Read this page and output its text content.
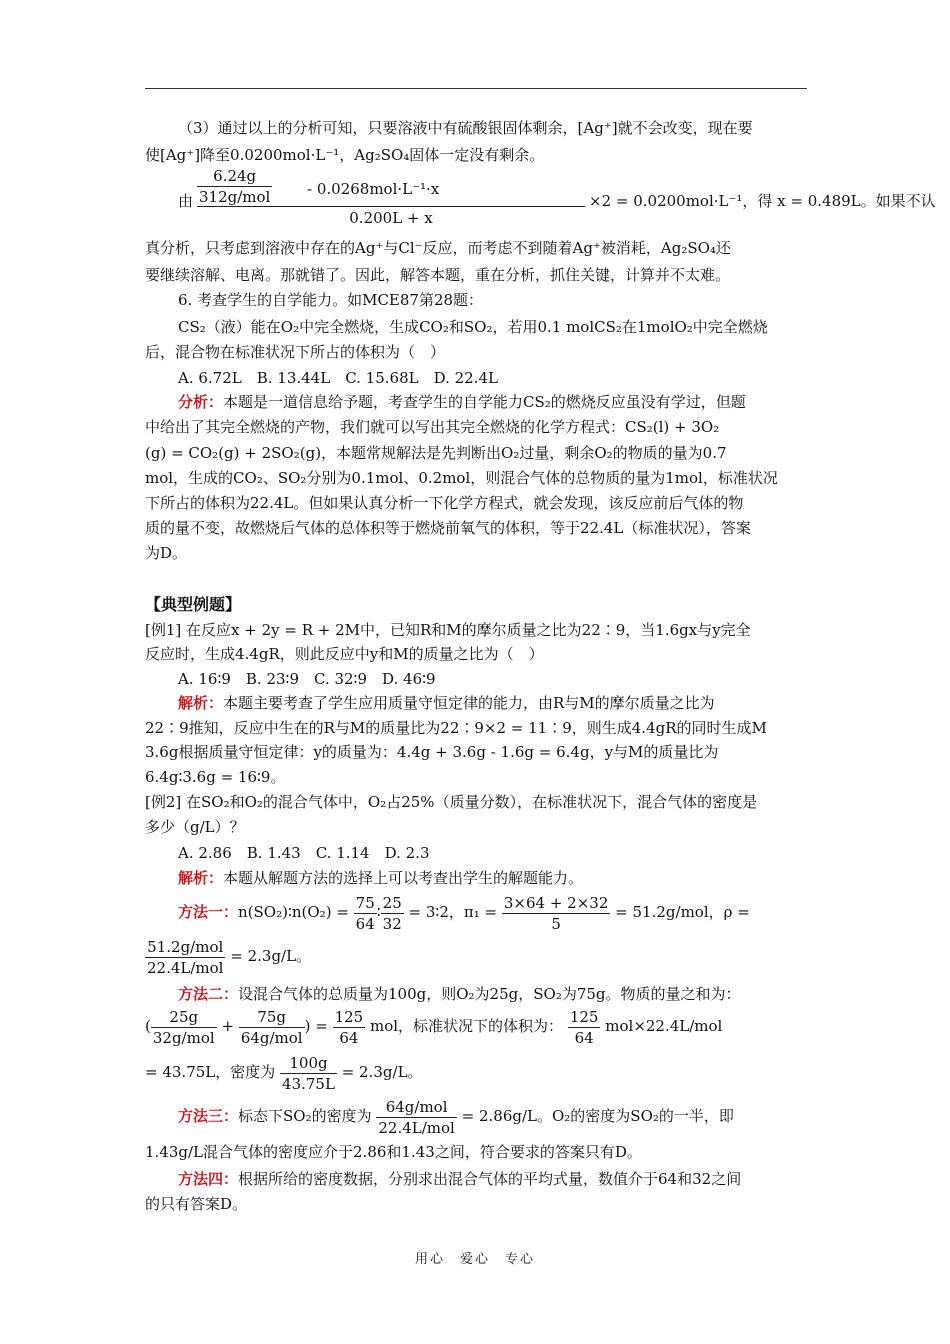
（3）通过以上的分析可知，只要溶液中有硫酸银固体剩余，[Ag⁺]就不会改变，现在要
使[Ag⁺]降至0.0200mol·L⁻¹，Ag₂SO₄固体一定没有剩余。
由
6.24g
312g/mol - 0.0268mol·L⁻¹·x
0.200L + x
×2 = 0.0200mol·L⁻¹，得 x = 0.489L。如果不认
真分析，只考虑到溶液中存在的Ag⁺与Cl⁻反应，而考虑不到随着Ag⁺被消耗，Ag₂SO₄还
要继续溶解、电离。那就错了。因此，解答本题，重在分析，抓住关键，计算并不太难。
6. 考查学生的自学能力。如MCE87第28题：
CS₂（液）能在O₂中完全燃烧，生成CO₂和SO₂，若用0.1 molCS₂在1molO₂中完全燃烧
后，混合物在标准状况下所占的体积为（　）
A. 6.72L　B. 13.44L　C. 15.68L　D. 22.4L
分析：本题是一道信息给予题，考查学生的自学能力CS₂的燃烧反应虽没有学过，但题
中给出了其完全燃烧的产物，我们就可以写出其完全燃烧的化学方程式：CS₂(l) + 3O₂
(g) = CO₂(g) + 2SO₂(g)，本题常规解法是先判断出O₂过量，剩余O₂的物质的量为0.7
mol，生成的CO₂、SO₂分别为0.1mol、0.2mol，则混合气体的总物质的量为1mol，标准状况
下所占的体积为22.4L。但如果认真分析一下化学方程式，就会发现，该反应前后气体的物
质的量不变，故燃烧后气体的总体积等于燃烧前氧气的体积，等于22.4L（标准状况），答案
为D。
【典型例题】
[例1] 在反应x + 2y = R + 2M中，已知R和M的摩尔质量之比为22∶9，当1.6gx与y完全
反应时，生成4.4gR，则此反应中y和M的质量之比为（　）
A. 16∶9　B. 23∶9　C. 32∶9　D. 46∶9
解析：本题主要考查了学生应用质量守恒定律的能力，由R与M的摩尔质量之比为
22∶9推知，反应中生在的R与M的质量比为22∶9×2 = 11∶9，则生成4.4gR的同时生成M
3.6g根据质量守恒定律：y的质量为：4.4g + 3.6g - 1.6g = 6.4g，y与M的质量比为
6.4g∶3.6g = 16∶9。
[例2] 在SO₂和O₂的混合气体中，O₂占25%（质量分数），在标准状况下，混合气体的密度是
多少（g/L）？
A. 2.86　B. 1.43　C. 1.14　D. 2.3
解析：本题从解题方法的选择上可以考查出学生的解题能力。
方法一：n(SO₂)∶n(O₂) = $\frac{75}{64}$ ∶ $\frac{25}{32}$ = 3∶2，$\pi_1 = \frac{3\times 64 + 2\times 32}{5} = 51.2g/mol$，ρ =
$\frac{\text{51.2g/mol}}{\text{22.4L/mol}} = 2.3g/L$。
方法二：设混合气体的总质量为100g，则O₂为25g，SO₂为75g。物质的量之和为：
( $\frac{25g}{\text{32g/mol}} + \frac{75g}{\text{64g/mol}}$ ) = $\frac{125}{64}$ mol，标准状况下的体积为： $\frac{125}{64} mol\times 22.4L/mol$
= 43.75L，密度为 $\frac{100g}{43.75L} = 2.3g/L$。
方法三：标态下SO₂的密度为 $\frac{\text{64g/mol}}{\text{22.4L/mol}} = 2.86g/L$。O₂的密度为SO₂的一半，即
1.43g/L混合气体的密度应介于2.86和1.43之间，符合要求的答案只有D。
方法四：根据所给的密度数据，分别求出混合气体的平均式量，数值介于64和32之间
的只有答案D。
用心　爱心　专心
